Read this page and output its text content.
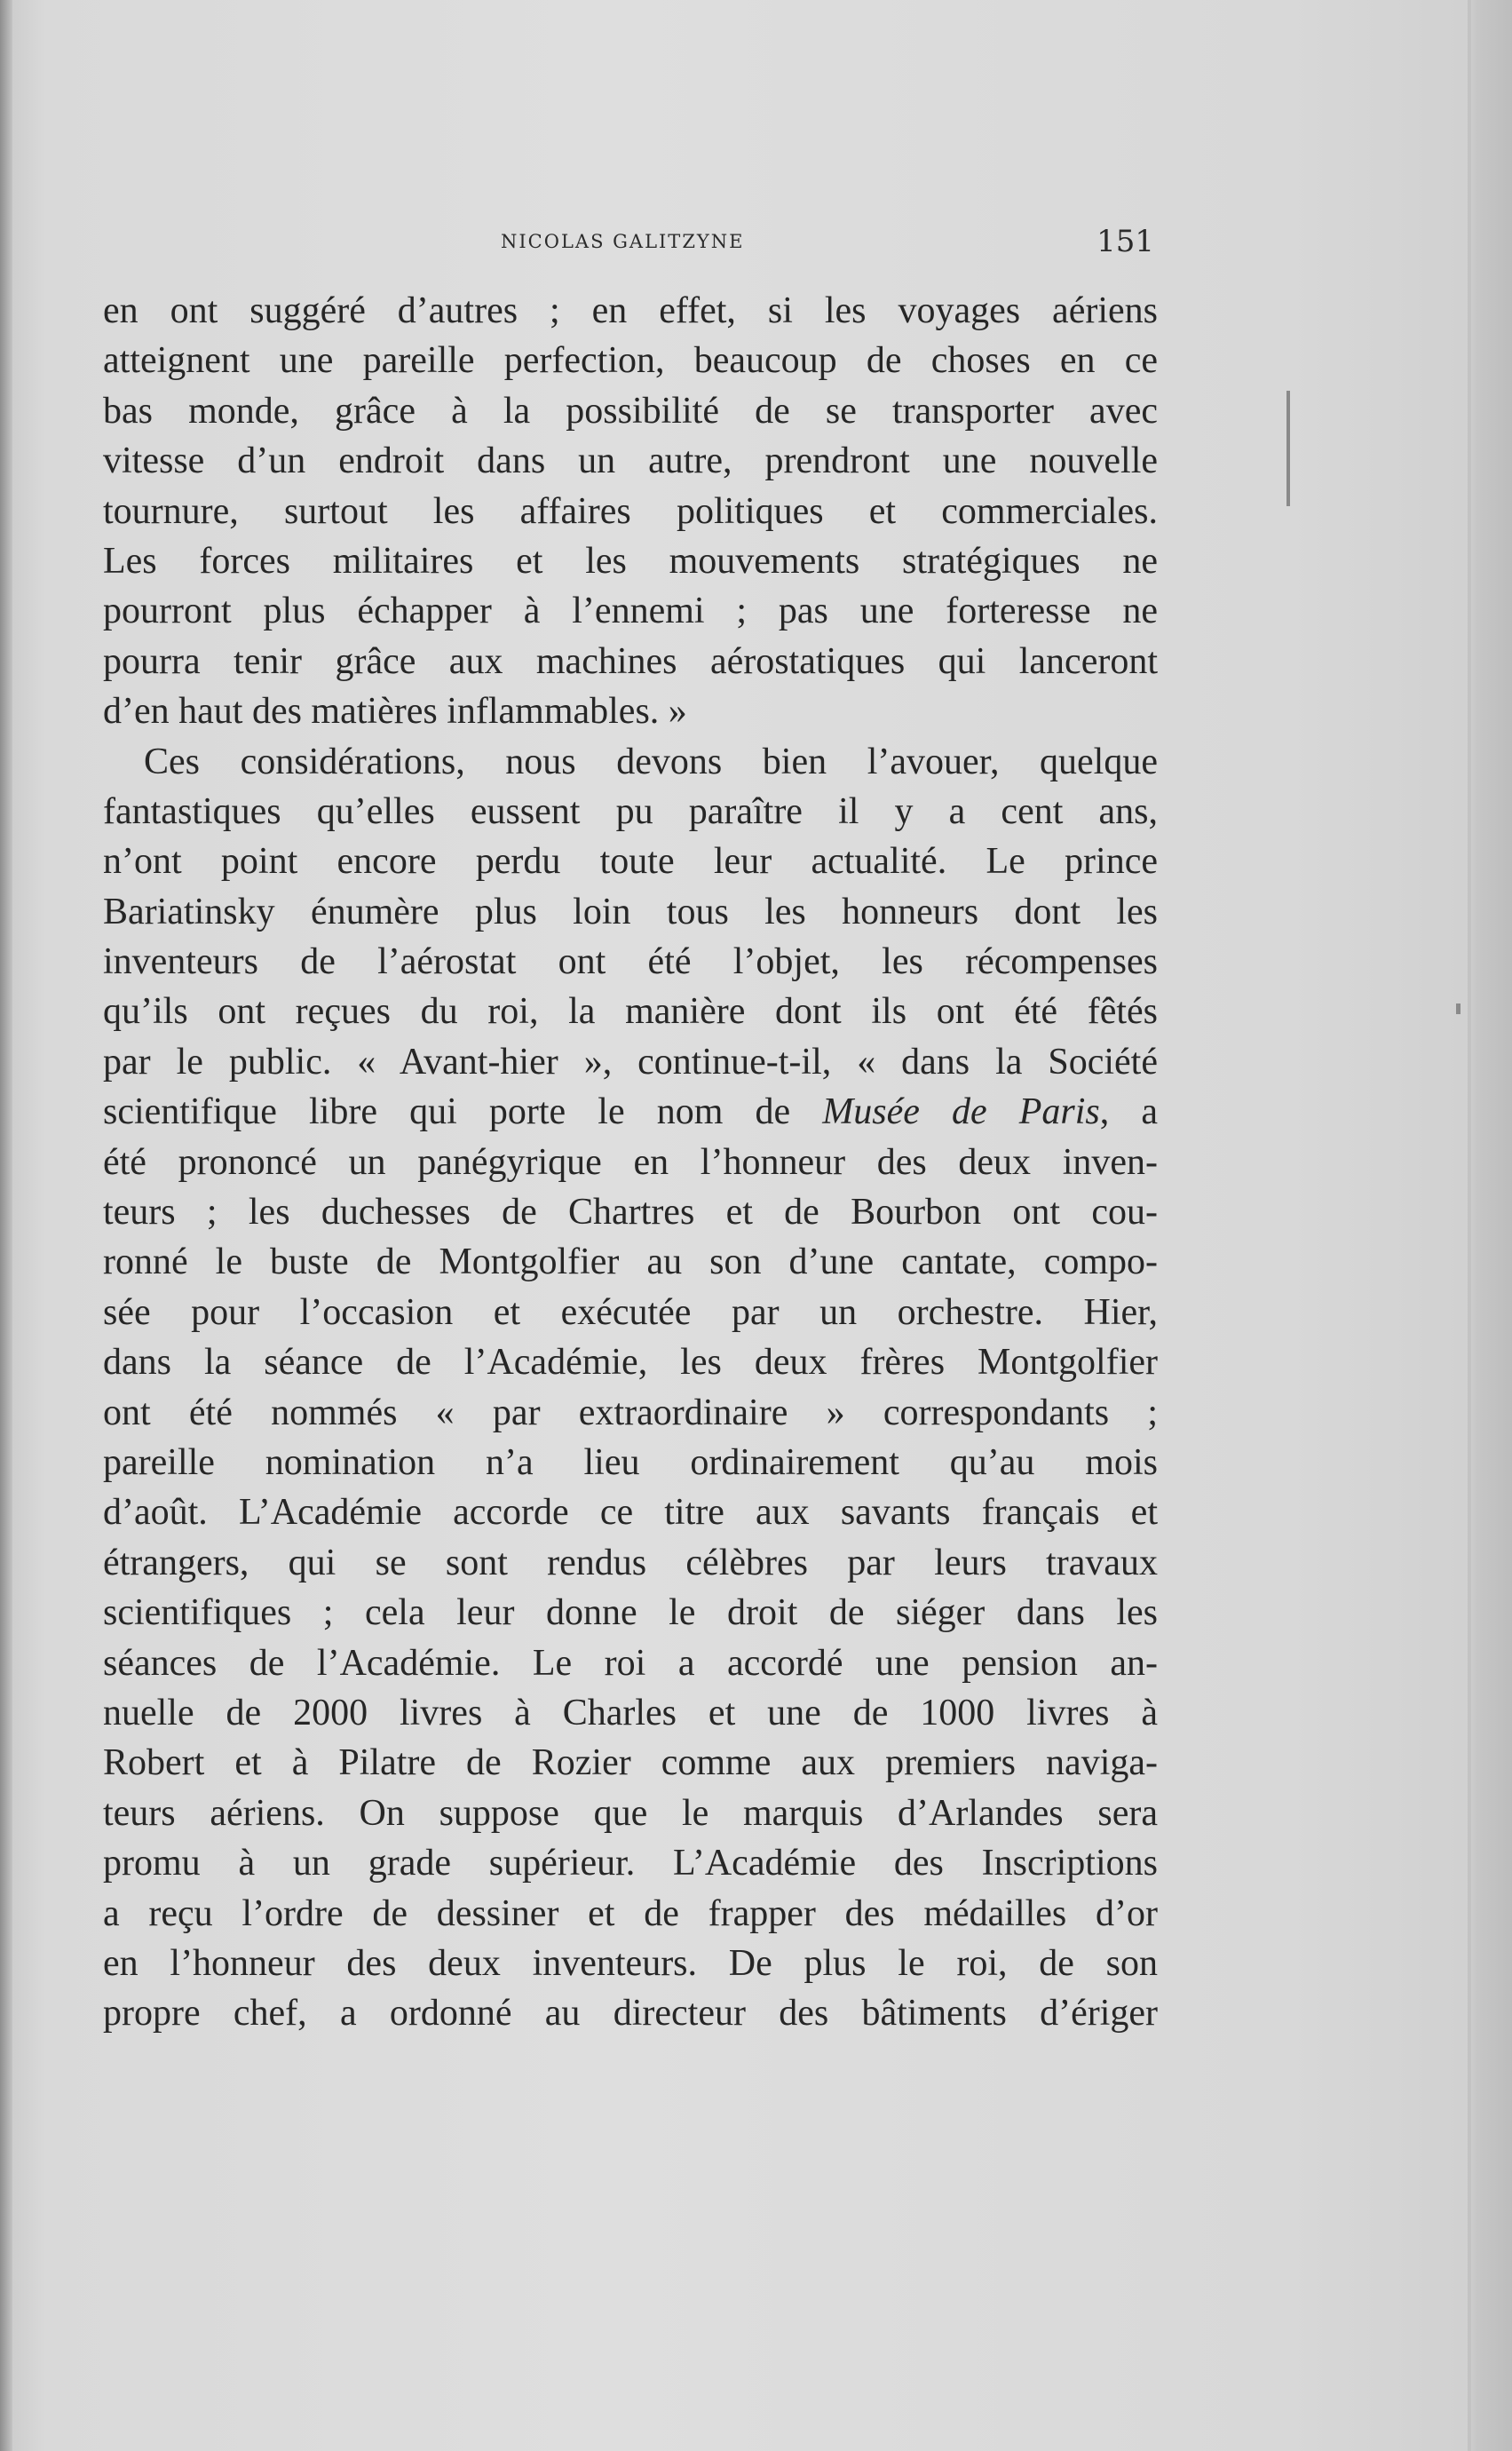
NICOLAS GALITZYNE	151
en ont suggéré d’autres ; en effet, si les voyages aériens
atteignent une pareille perfection, beaucoup de choses en ce
bas monde, grâce à la possibilité de se transporter avec
vitesse d’un endroit dans un autre, prendront une nouvelle
tournure, surtout les affaires politiques et commerciales.
Les forces militaires et les mouvements stratégiques ne
pourront plus échapper à l’ennemi ; pas une forteresse ne
pourra tenir grâce aux machines aérostatiques qui lanceront
d’en haut des matières inflammables. »
Ces considérations, nous devons bien l’avouer, quelque
fantastiques qu’elles eussent pu paraître il y a cent ans,
n’ont point encore perdu toute leur actualité. Le prince
Bariatinsky énumère plus loin tous les honneurs dont les
inventeurs de l’aérostat ont été l’objet, les récompenses
qu’ils ont reçues du roi, la manière dont ils ont été fêtés
par le public. « Avant-hier », continue-t-il, « dans la Société
scientifique libre qui porte le nom de Musée de Paris, a
été prononcé un panégyrique en l’honneur des deux inven-
teurs ; les duchesses de Chartres et de Bourbon ont cou-
ronné le buste de Montgolfier au son d’une cantate, compo-
sée pour l’occasion et exécutée par un orchestre. Hier,
dans la séance de l’Académie, les deux frères Montgolfier
ont été nommés « par extraordinaire » correspondants ;
pareille nomination n’a lieu ordinairement qu’au mois
d’août. L’Académie accorde ce titre aux savants français et
étrangers, qui se sont rendus célèbres par leurs travaux
scientifiques ; cela leur donne le droit de siéger dans les
séances de l’Académie. Le roi a accordé une pension an-
nuelle de 2000 livres à Charles et une de 1000 livres à
Robert et à Pilatre de Rozier comme aux premiers naviga-
teurs aériens. On suppose que le marquis d’Arlandes sera
promu à un grade supérieur. L’Académie des Inscriptions
a reçu l’ordre de dessiner et de frapper des médailles d’or
en l’honneur des deux inventeurs. De plus le roi, de son
propre chef, a ordonné au directeur des bâtiments d’ériger
